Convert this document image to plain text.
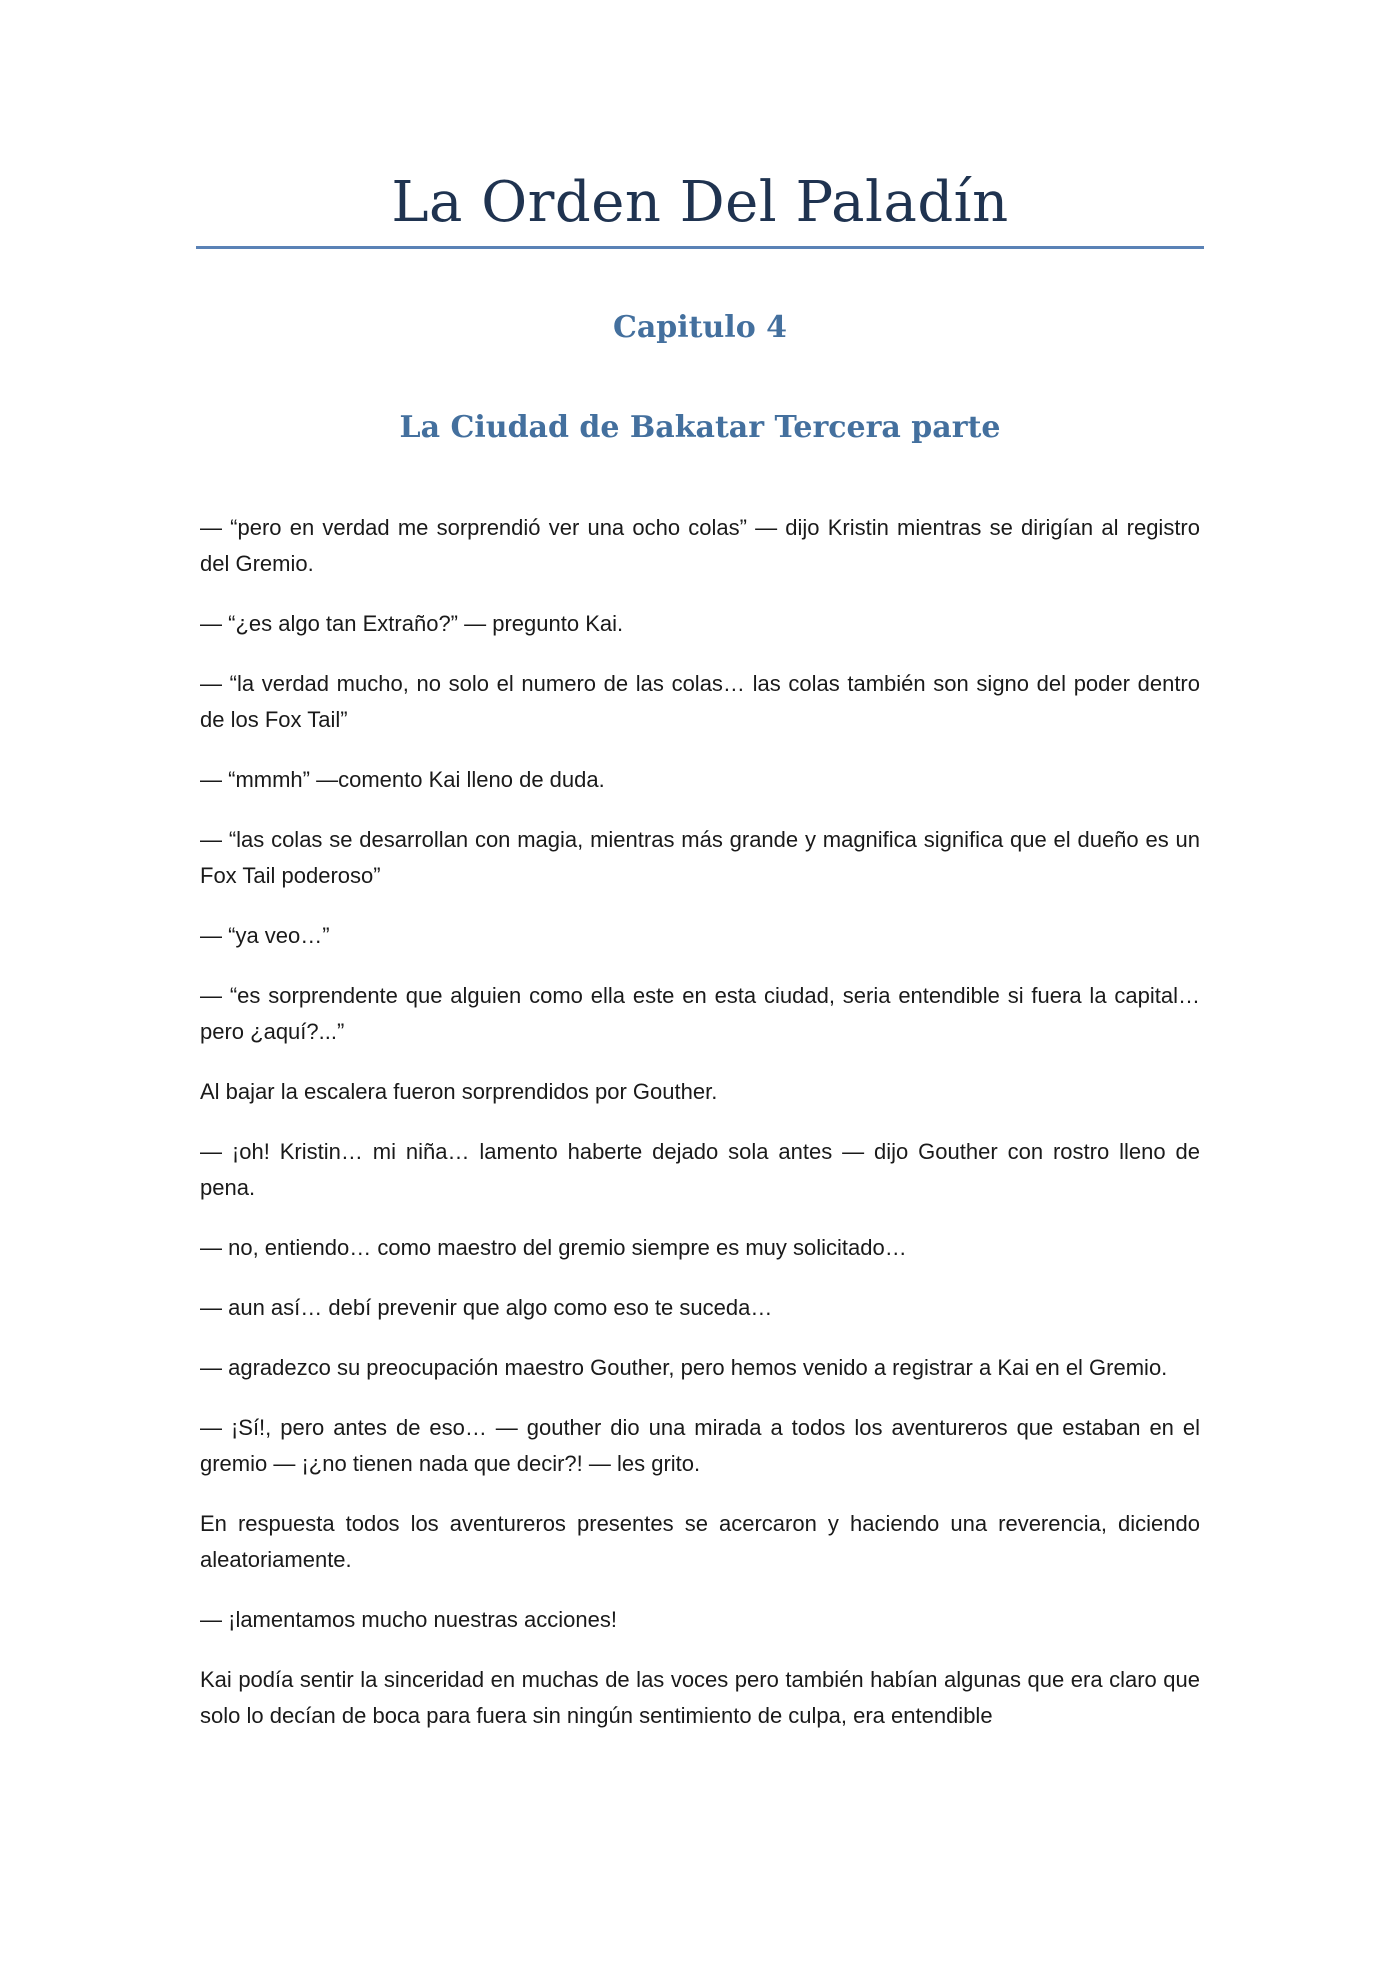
La Orden Del Paladín
Capitulo 4
La Ciudad de Bakatar Tercera parte

— “pero en verdad me sorprendió ver una ocho colas” — dijo Kristin mientras se dirigían al registro del Gremio.

— “¿es algo tan Extraño?” — pregunto Kai.

— “la verdad mucho, no solo el numero de las colas… las colas también son signo del poder dentro de los Fox Tail”

— “mmmh” —comento Kai lleno de duda.

— “las colas se desarrollan con magia, mientras más grande y magnifica significa que el dueño es un Fox Tail poderoso”

— “ya veo…”

— “es sorprendente que alguien como ella este en esta ciudad, seria entendible si fuera la capital… pero ¿aquí?...”

Al bajar la escalera fueron sorprendidos por Gouther.

— ¡oh! Kristin… mi niña… lamento haberte dejado sola antes — dijo Gouther con rostro lleno de pena.

— no, entiendo… como maestro del gremio siempre es muy solicitado…

— aun así… debí prevenir que algo como eso te suceda…

— agradezco su preocupación maestro Gouther, pero hemos venido a registrar a Kai en el Gremio.

— ¡Sí!, pero antes de eso… — gouther dio una mirada a todos los aventureros que estaban en el gremio — ¡¿no tienen nada que decir?! — les grito.

En respuesta todos los aventureros presentes se acercaron y haciendo una reverencia, diciendo aleatoriamente.

— ¡lamentamos mucho nuestras acciones!

Kai podía sentir la sinceridad en muchas de las voces pero también habían algunas que era claro que solo lo decían de boca para fuera sin ningún sentimiento de culpa, era entendible
